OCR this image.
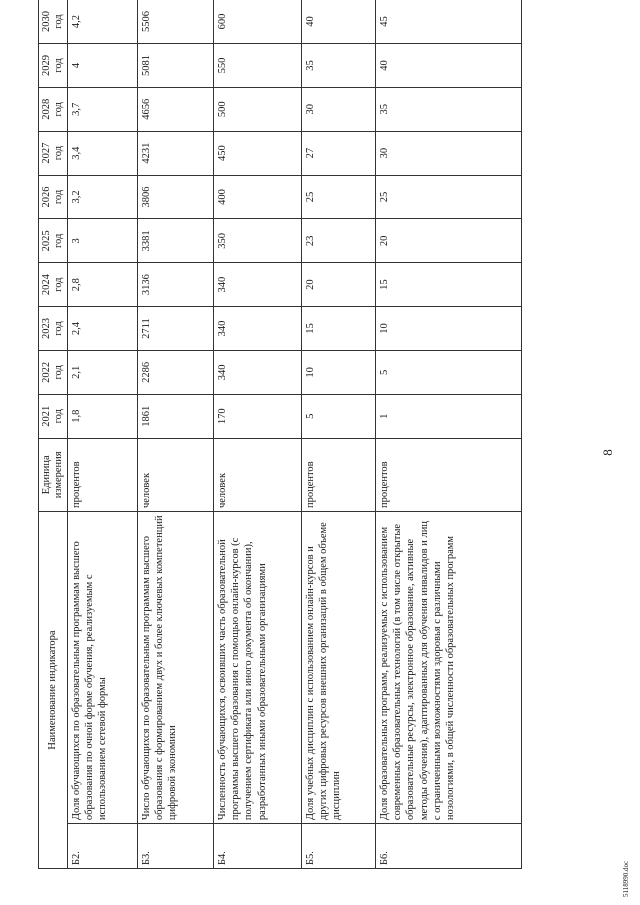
Наименование индикатора		Единица измерения	2021 год	2022 год	2023 год	2024 год	2025 год	2026 год	2027 год	2028 год	2029 год	2030 год
Б2.	Доля обучающихся по образовательным программам высшего образования по очной форме обучения, реализуемым с использованием сетевой формы	процентов	1,8	2,1	2,4	2,8	3	3,2	3,4	3,7	4	4,2
Б3.	Число обучающихся по образовательным программам высшего образования с формированием двух и более ключевых компетенций цифровой экономики	человек	1861	2286	2711	3136	3381	3806	4231	4656	5081	5506
Б4.	Численность обучающихся, освоивших часть образовательной программы высшего образования с помощью онлайн-курсов (с получением сертификата или иного документа об окончании), разработанных иными образовательными организациями	человек	170	340	340	340	350	400	450	500	550	600
Б5.	Доля учебных дисциплин с использованием онлайн-курсов и других цифровых ресурсов внешних организаций в общем объеме дисциплин	процентов	5	10	15	20	23	25	27	30	35	40
Б6.	Доля образовательных программ, реализуемых с использованием современных образовательных технологий (в том числе открытые образовательные ресурсы, электронное образование, активные методы обучения), адаптированных для обучения инвалидов и лиц с ограниченными возможностями здоровья с различными нозологиями, в общей численности образовательных программ	процентов	1	5	10	15	20	25	30	35	40	45
8
5118990.doc
